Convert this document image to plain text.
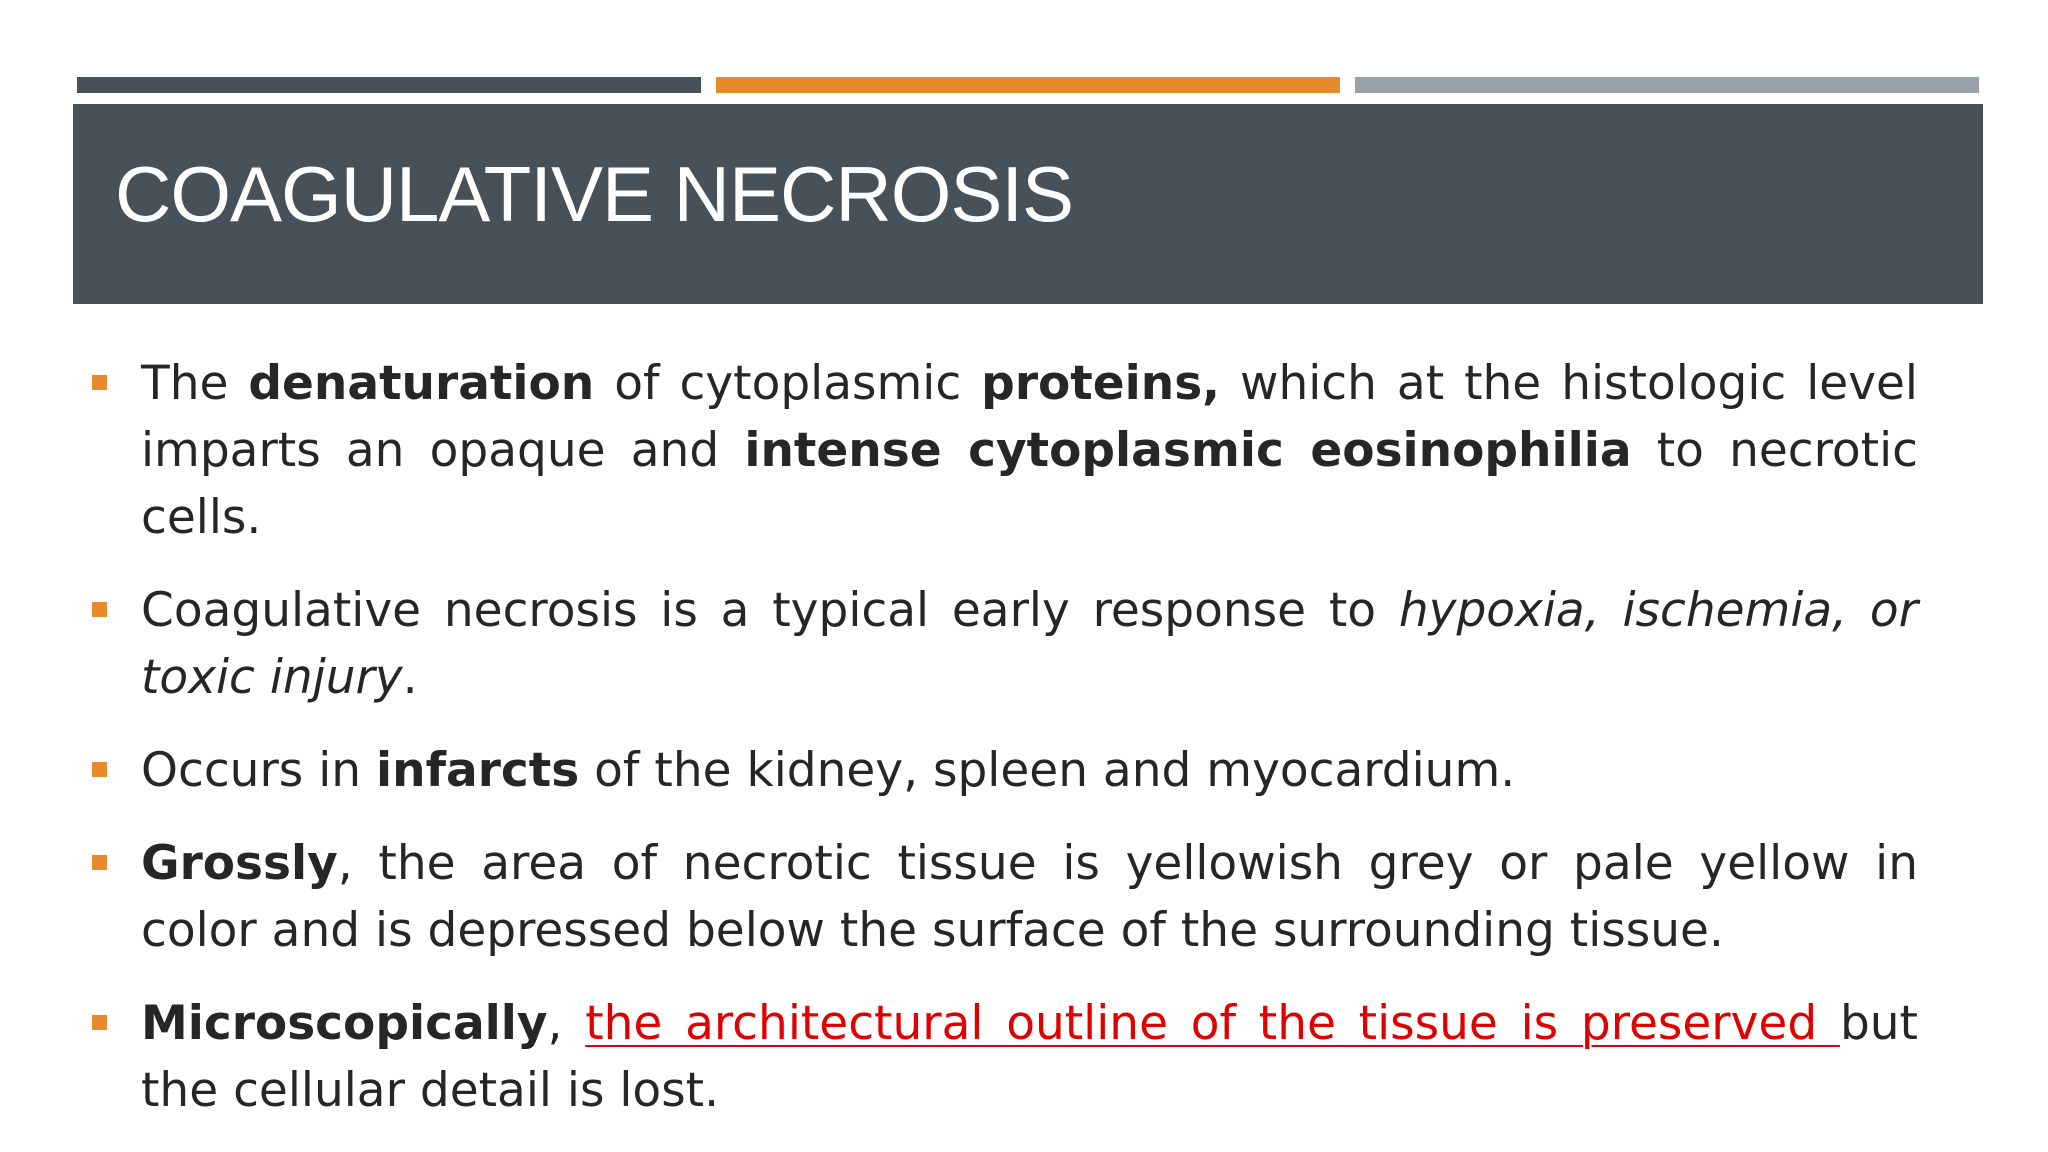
COAGULATIVE NECROSIS
The denaturation of cytoplasmic proteins, which at the histologic level imparts an opaque and intense cytoplasmic eosinophilia to necrotic cells.
Coagulative necrosis is a typical early response to hypoxia, ischemia, or toxic injury.
Occurs in infarcts of the kidney, spleen and myocardium.
Grossly, the area of necrotic tissue is yellowish grey or pale yellow in color and is depressed below the surface of the surrounding tissue.
Microscopically, the architectural outline of the tissue is preserved but the cellular detail is lost.
